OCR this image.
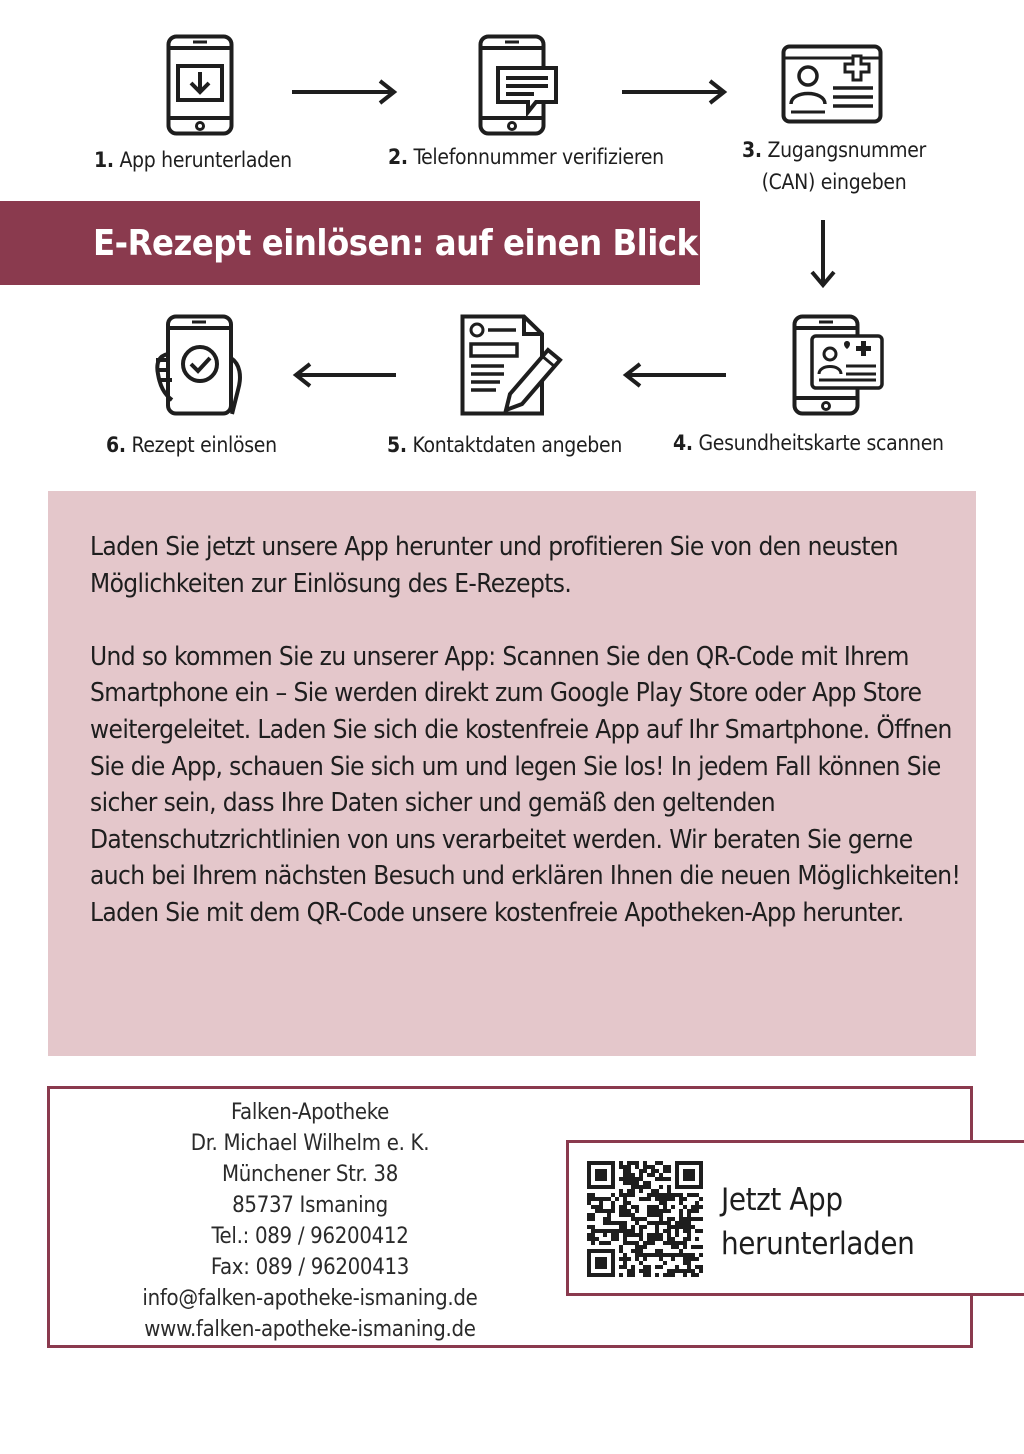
1. App herunterladen	2. Telefonnummer verifizieren	3. Zugangsnummer
(CAN) eingeben
E-Rezept einlösen: auf einen Blick
6. Rezept einlösen	5. Kontaktdaten angeben 4. Gesundheitskarte scannen

Laden Sie jetzt unsere App herunter und profitieren Sie von den neusten Möglichkeiten zur Einlösung des E-Rezepts.

Und so kommen Sie zu unserer App: Scannen Sie den QR-Code mit Ihrem Smartphone ein – Sie werden direkt zum Google Play Store oder App Store weitergeleitet. Laden Sie sich die kostenfreie App auf Ihr Smartphone. Öffnen Sie die App, schauen Sie sich um und legen Sie los! In jedem Fall können Sie sicher sein, dass Ihre Daten sicher und gemäß den geltenden Datenschutzrichtlinien von uns verarbeitet werden. Wir beraten Sie gerne auch bei Ihrem nächsten Besuch und erklären Ihnen die neuen Möglichkeiten! Laden Sie mit dem QR-Code unsere kostenfreie Apotheken-App herunter.

Falken-Apotheke
Dr. Michael Wilhelm e. K.
Münchener Str. 38
85737 Ismaning
Tel.: 089 / 96200412
Fax: 089 / 96200413
info@falken-apotheke-ismaning.de
www.falken-apotheke-ismaning.de
Jetzt App
herunterladen
